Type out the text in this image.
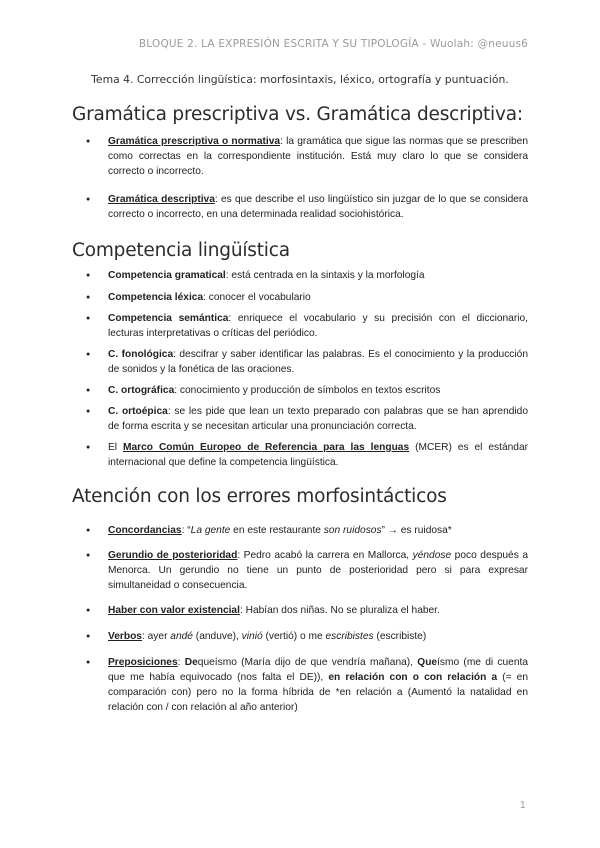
BLOQUE 2. LA EXPRESIÓN ESCRITA Y SU TIPOLOGÍA - Wuolah: @neuus6
Tema 4. Corrección lingüística: morfosintaxis, léxico, ortografía y puntuación.
Gramática prescriptiva vs. Gramática descriptiva:
● Gramática prescriptiva o normativa: la gramática que sigue las normas que se prescriben como correctas en la correspondiente institución. Está muy claro lo que se considera correcto o incorrecto.
● Gramática descriptiva: es que describe el uso lingüístico sin juzgar de lo que se considera correcto o incorrecto, en una determinada realidad sociohistórica.
Competencia lingüística
● Competencia gramatical: está centrada en la sintaxis y la morfología
● Competencia léxica: conocer el vocabulario
● Competencia semántica: enriquece el vocabulario y su precisión con el diccionario, lecturas interpretativas o críticas del periódico.
● C. fonológica: descifrar y saber identificar las palabras. Es el conocimiento y la producción de sonidos y la fonética de las oraciones.
● C. ortográfica: conocimiento y producción de símbolos en textos escritos
● C. ortoépica: se les pide que lean un texto preparado con palabras que se han aprendido de forma escrita y se necesitan articular una pronunciación correcta.
● El Marco Común Europeo de Referencia para las lenguas (MCER) es el estándar internacional que define la competencia lingüística.
Atención con los errores morfosintácticos
● Concordancias: “La gente en este restaurante son ruidosos” → es ruidosa*
● Gerundio de posterioridad: Pedro acabó la carrera en Mallorca, yéndose poco después a Menorca. Un gerundio no tiene un punto de posterioridad pero si para expresar simultaneidad o consecuencia.
● Haber con valor existencial: Habían dos niñas. No se pluraliza el haber.
● Verbos: ayer andé (anduve), vinió (vertió) o me escribistes (escribiste)
● Preposiciones: Dequeísmo (María dijo de que vendría mañana), Queísmo (me di cuenta que me había equivocado (nos falta el DE)), en relación con o con relación a (= en comparación con) pero no la forma híbrida de *en relación a (Aumentó la natalidad en relación con / con relación al año anterior)
1
